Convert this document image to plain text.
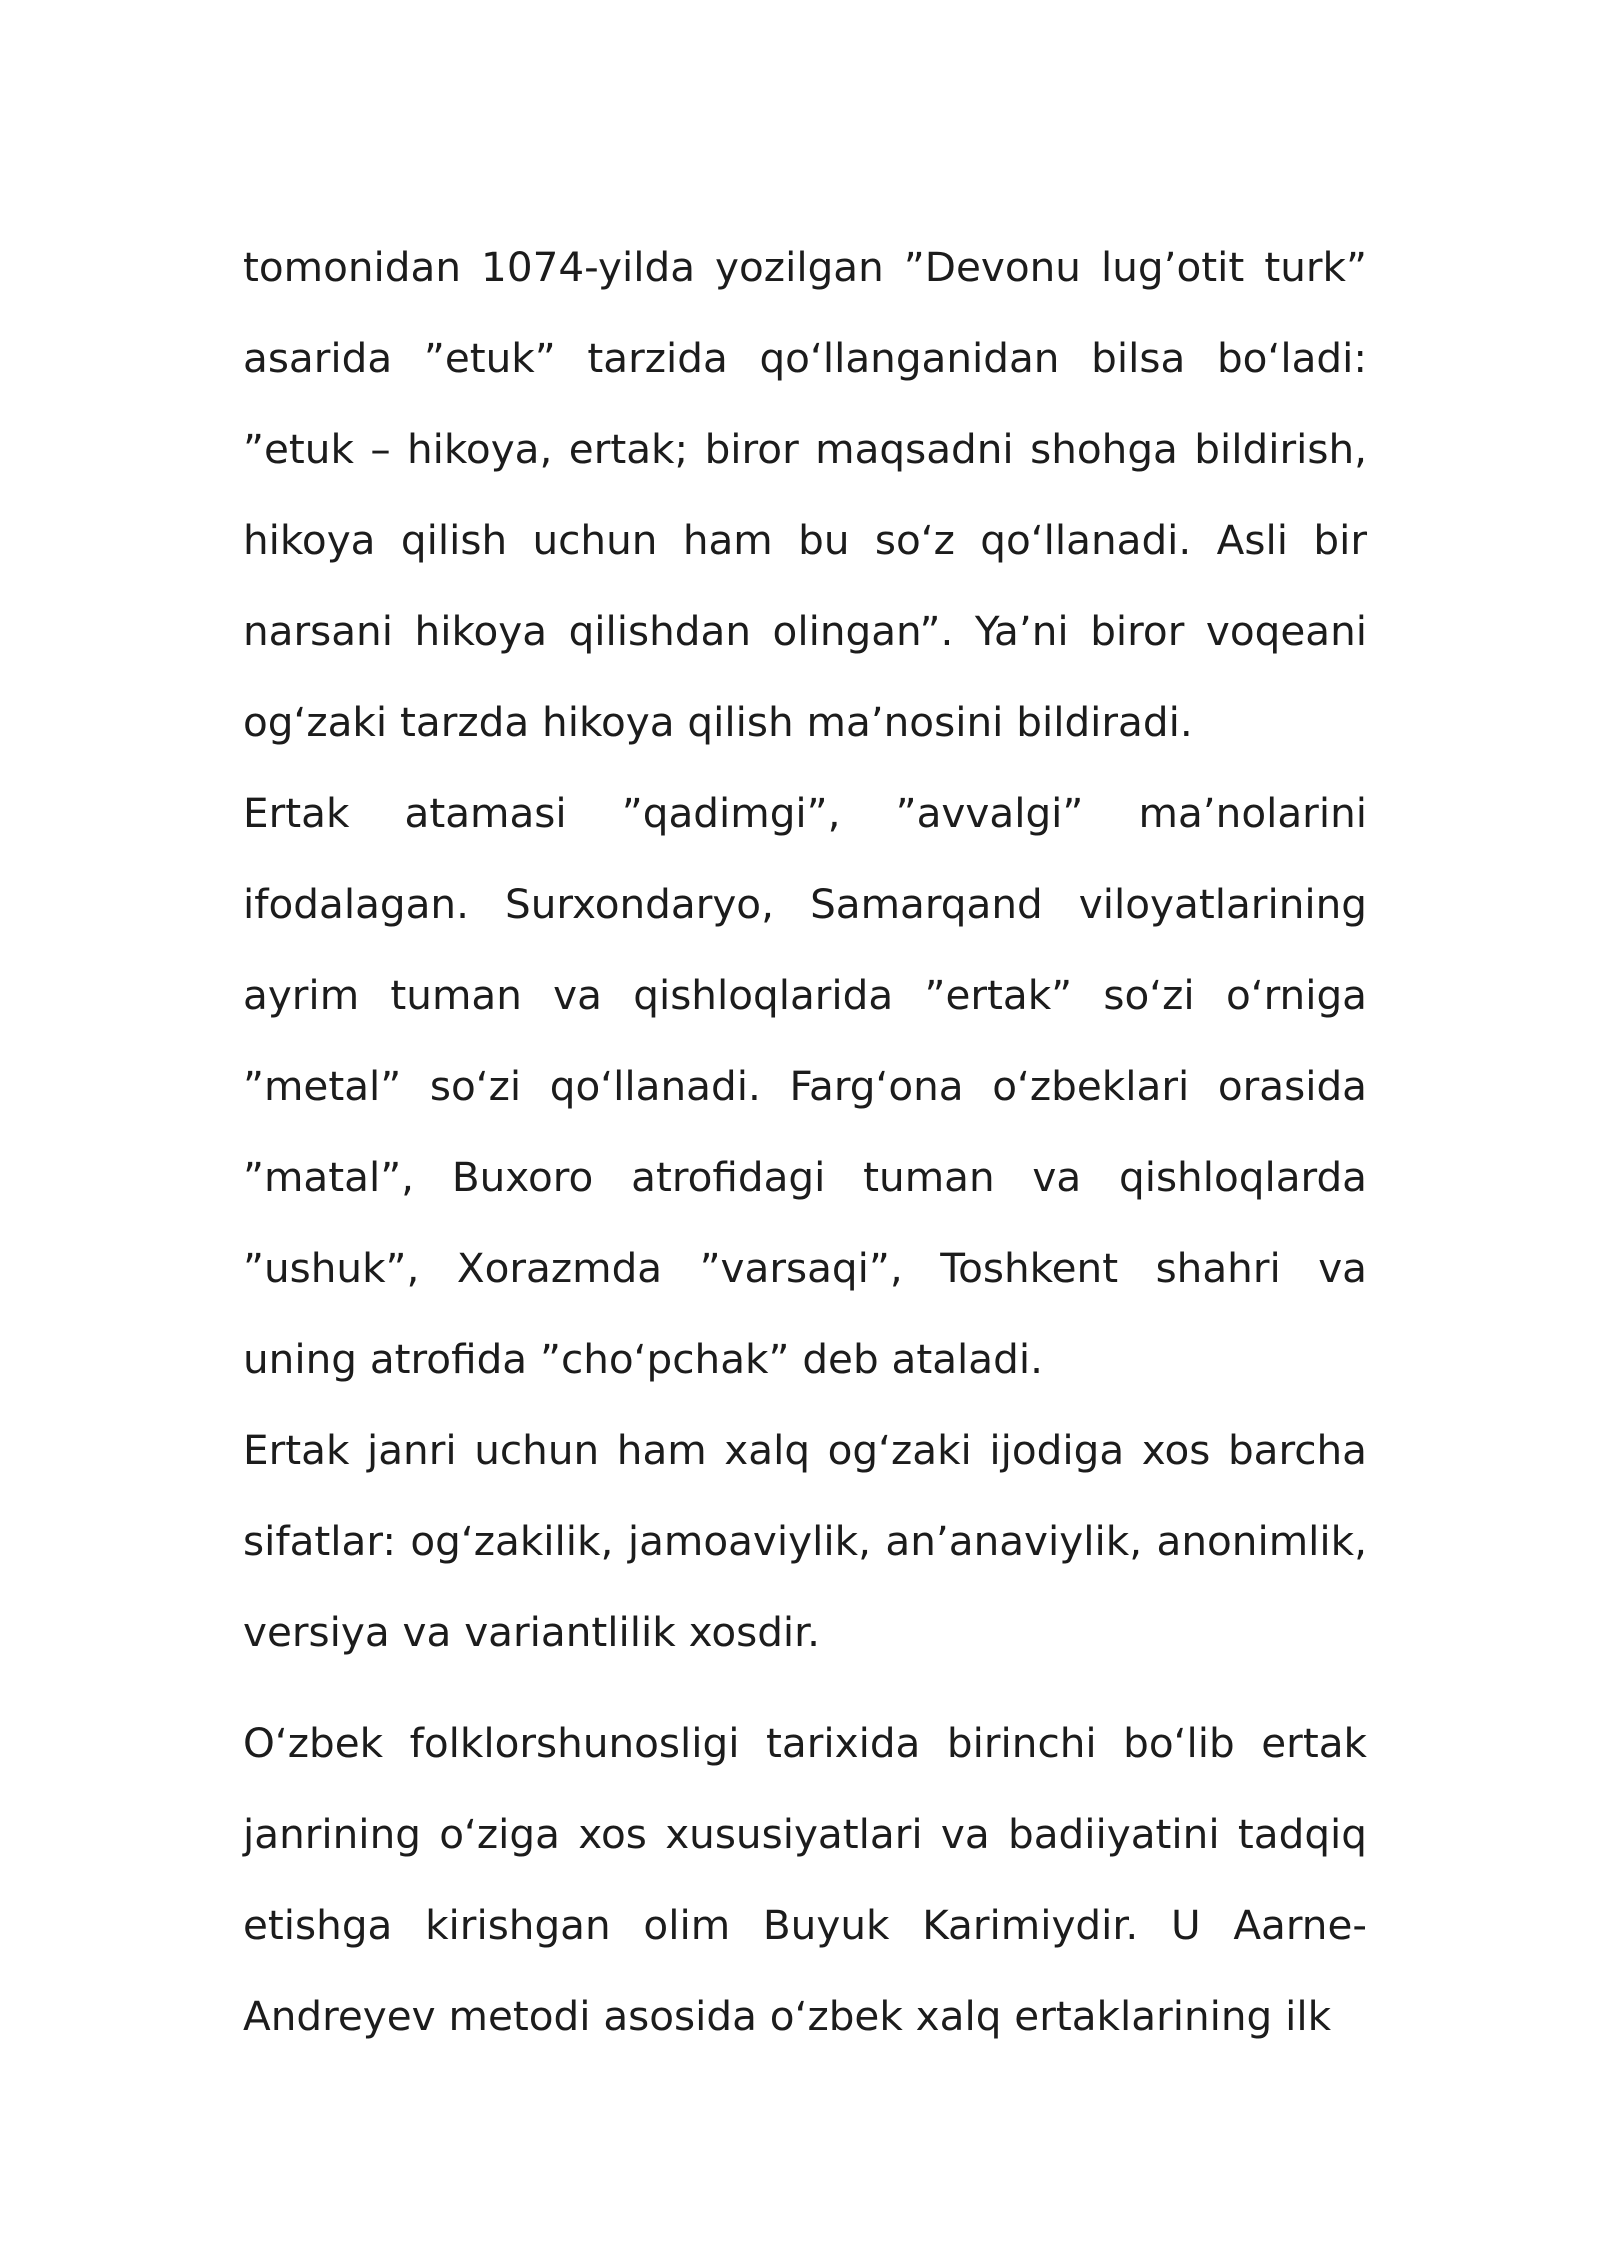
tomonidan 1074-yilda yozilgan ”Devonu lug’otit turk” asarida ”etuk” tarzida qo‘llanganidan bilsa bo‘ladi: ”etuk – hikoya, ertak; biror maqsadni shohga bildirish, hikoya qilish uchun ham bu so‘z qo‘llanadi. Asli bir narsani hikoya qilishdan olingan”. Ya’ni biror voqeani og‘zaki tarzda hikoya qilish ma’nosini bildiradi.

Ertak atamasi ”qadimgi”, ”avvalgi” ma’nolarini ifodalagan. Surxondaryo, Samarqand viloyatlarining ayrim tuman va qishloqlarida ”ertak” so‘zi o‘rniga ”metal” so‘zi qo‘llanadi. Farg‘ona o‘zbeklari orasida ”matal”, Buxoro atrofidagi tuman va qishloqlarda ”ushuk”, Xorazmda ”varsaqi”, Toshkent shahri va uning atrofida ”cho‘pchak” deb ataladi.

Ertak janri uchun ham xalq og‘zaki ijodiga xos barcha sifatlar: og‘zakilik, jamoaviylik, an’anaviylik, anonimlik, versiya va variantlilik xosdir.

O‘zbek folklorshunosligi tarixida birinchi bo‘lib ertak janrining o‘ziga xos xususiyatlari va badiiyatini tadqiq etishga kirishgan olim Buyuk Karimiydir. U Aarne-Andreyev metodi asosida o‘zbek xalq ertaklarining ilk
